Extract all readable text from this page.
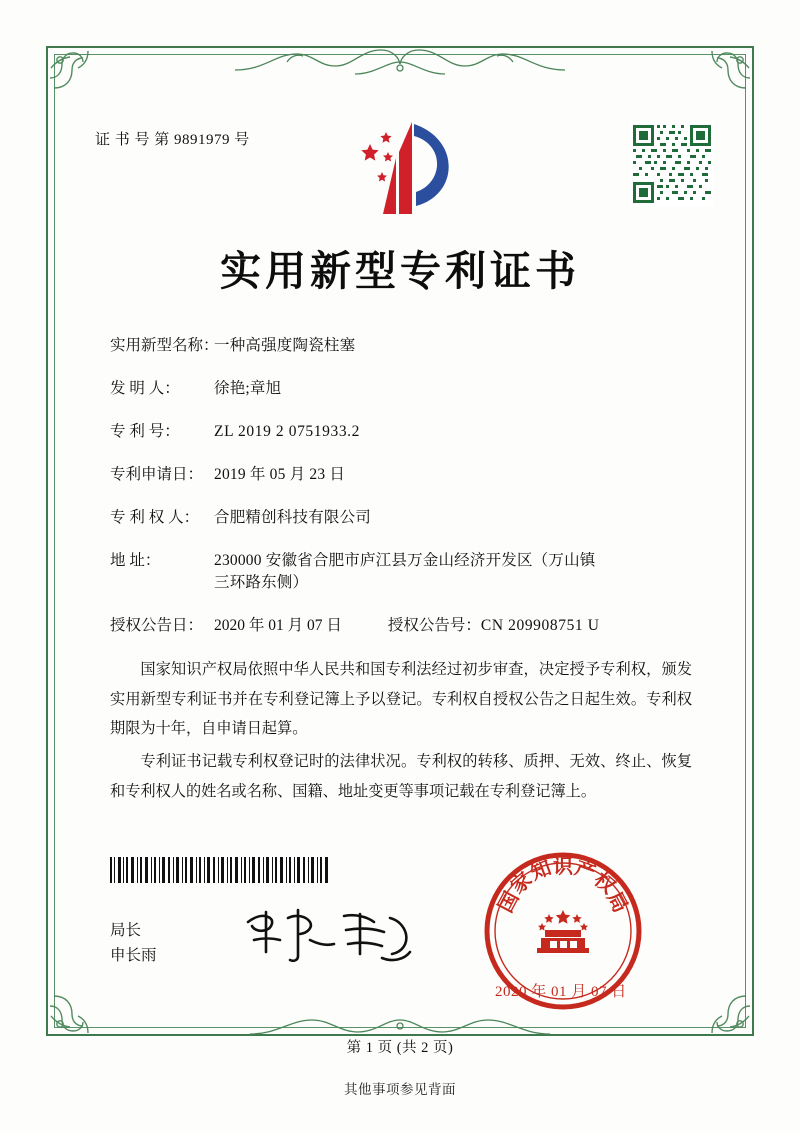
证 书 号 第 9891979 号
实用新型专利证书
实用新型名称：
一种高强度陶瓷柱塞
发 明 人：	徐艳;章旭
专 利 号：	ZL 2019 2 0751933.2
专利申请日： 2019 年 05 月 23 日
专 利 权 人： 合肥精创科技有限公司
地 址：	230000 安徽省合肥市庐江县万金山经济开发区（万山镇
三环路东侧）
授权公告日： 2020 年 01 月 07 日	授权公告号： CN 209908751 U

国家知识产权局依照中华人民共和国专利法经过初步审查，决定授予专利权，颁发实用新型专利证书并在专利登记簿上予以登记。专利权自授权公告之日起生效。专利权期限为十年，自申请日起算。

专利证书记载专利权登记时的法律状况。专利权的转移、质押、无效、终止、恢复和专利权人的姓名或名称、国籍、地址变更等事项记载在专利登记簿上。

局长
申长雨
国
家
知
识
产
权
局
2020 年 01 月 07 日
第 1 页 (共 2 页)
其他事项参见背面
